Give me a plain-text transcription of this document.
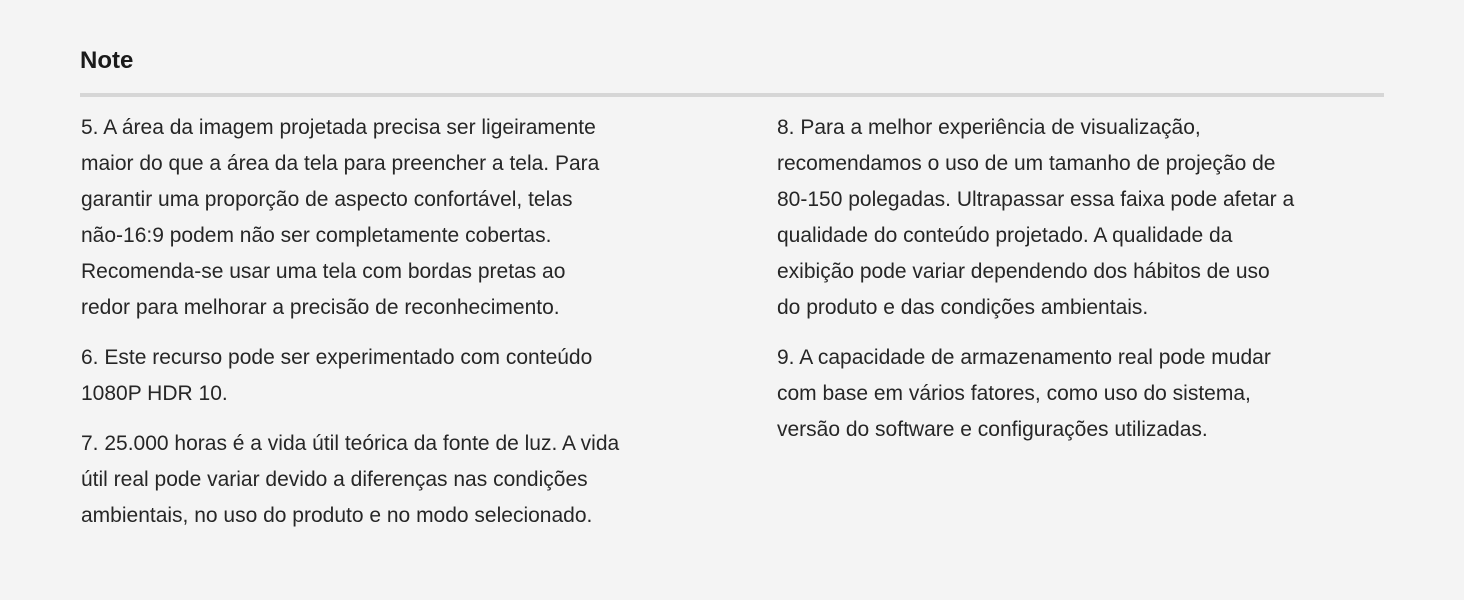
Note

5. A área da imagem projetada precisa ser ligeiramente
maior do que a área da tela para preencher a tela. Para
garantir uma proporção de aspecto confortável, telas
não-16:9 podem não ser completamente cobertas.
Recomenda-se usar uma tela com bordas pretas ao
redor para melhorar a precisão de reconhecimento.

6. Este recurso pode ser experimentado com conteúdo
1080P HDR 10.

7. 25.000 horas é a vida útil teórica da fonte de luz. A vida
útil real pode variar devido a diferenças nas condições
ambientais, no uso do produto e no modo selecionado.

8. Para a melhor experiência de visualização,
recomendamos o uso de um tamanho de projeção de
80-150 polegadas. Ultrapassar essa faixa pode afetar a
qualidade do conteúdo projetado. A qualidade da
exibição pode variar dependendo dos hábitos de uso
do produto e das condições ambientais.

9. A capacidade de armazenamento real pode mudar
com base em vários fatores, como uso do sistema,
versão do software e configurações utilizadas.
